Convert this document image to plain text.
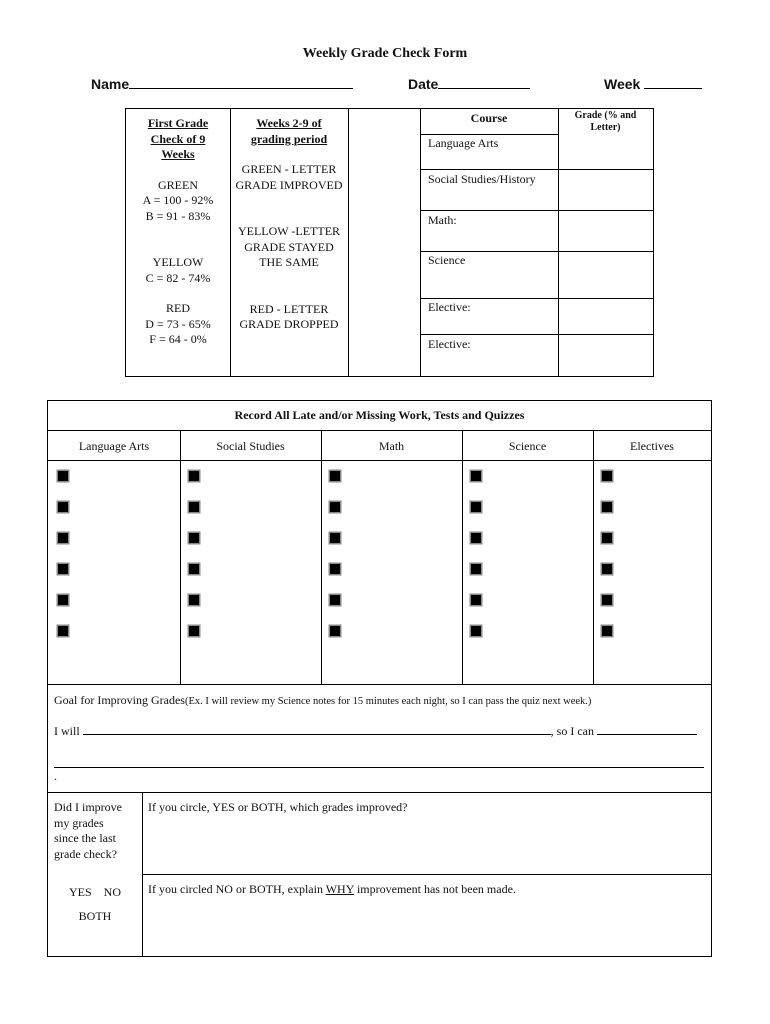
Weekly Grade Check Form
Name	Date	Week
First Grade
Check of 9
Weeks
GREEN
A = 100 - 92%
B = 91 - 83%
YELLOW
C = 82 - 74%
RED
D = 73 - 65%
F = 64 - 0%
Weeks 2-9 of
grading period
GREEN - LETTER
GRADE IMPROVED
YELLOW -LETTER
GRADE STAYED
THE SAME
RED - LETTER
GRADE DROPPED
Course	Grade (% and
Letter)
Language Arts
Social Studies/History
Math:
Science
Elective:
Elective:
Record All Late and/or Missing Work, Tests and Quizzes
Language Arts	Social Studies	Math	Science	Electives
Goal for Improving Grades(Ex. I will review my Science notes for 15 minutes each night, so I can pass the quiz next week.)
I will	, so I can
.
Did I improve
my grades
since the last
grade check?
YES    NO
BOTH
If you circle, YES or BOTH, which grades improved?
If you circled NO or BOTH, explain WHY improvement has not been made.
